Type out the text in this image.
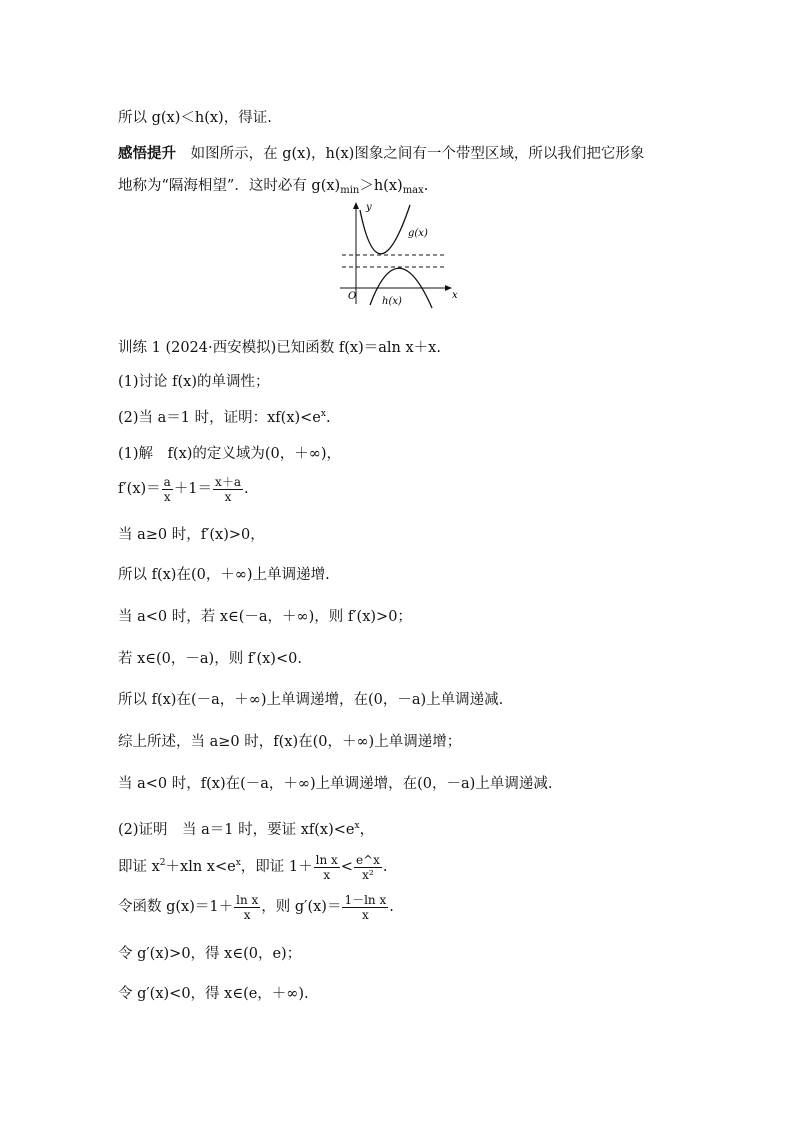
所以 g(x)＜h(x)，得证.
感悟提升 如图所示，在 g(x)，h(x)图象之间有一个带型区域，所以我们把它形象
地称为“隔海相望”．这时必有 $g(x)_{min}>h(x)_{max}$.
y
x
O
g(x)
h(x)
训练 1 (2024·西安模拟)已知函数 f(x)＝aln x＋x.
(1)讨论 f(x)的单调性；
(2)当 a＝1 时，证明：$xf(x)<e^x$.
(1)解　f(x)的定义域为(0，＋∞)，
$f'(x)= \frac{a}{x} +1= \frac{x+a}{x}$ .
当 a≥0 时，f′(x)>0，
所以 f(x)在(0，＋∞)上单调递增.
当 a<0 时，若 x∈(－a，＋∞)，则 f′(x)>0；
若 x∈(0，－a)，则 f′(x)<0.
所以 f(x)在(－a，＋∞)上单调递增，在(0，－a)上单调递减.
综上所述，当 a≥0 时，f(x)在(0，＋∞)上单调递增；
当 a<0 时，f(x)在(－a，＋∞)上单调递增，在(0，－a)上单调递减.
(2)证明　当 a＝1 时，要证 $xf(x)<e^x$，
即证 $x^2+xln$ $x<e^x$，即证 $1+ \frac{\text{ln x}}{x} < \frac{e\^{}x}{\text{x²}}$ .
令函数 $g(x)=1+ \frac{\text{ln x}}{x}$ ，则 $g'(x)= \frac{\text{1－ln x}}{x}$ .
令 g′(x)>0，得 x∈(0，e)；
令 g′(x)<0，得 x∈(e，＋∞).
